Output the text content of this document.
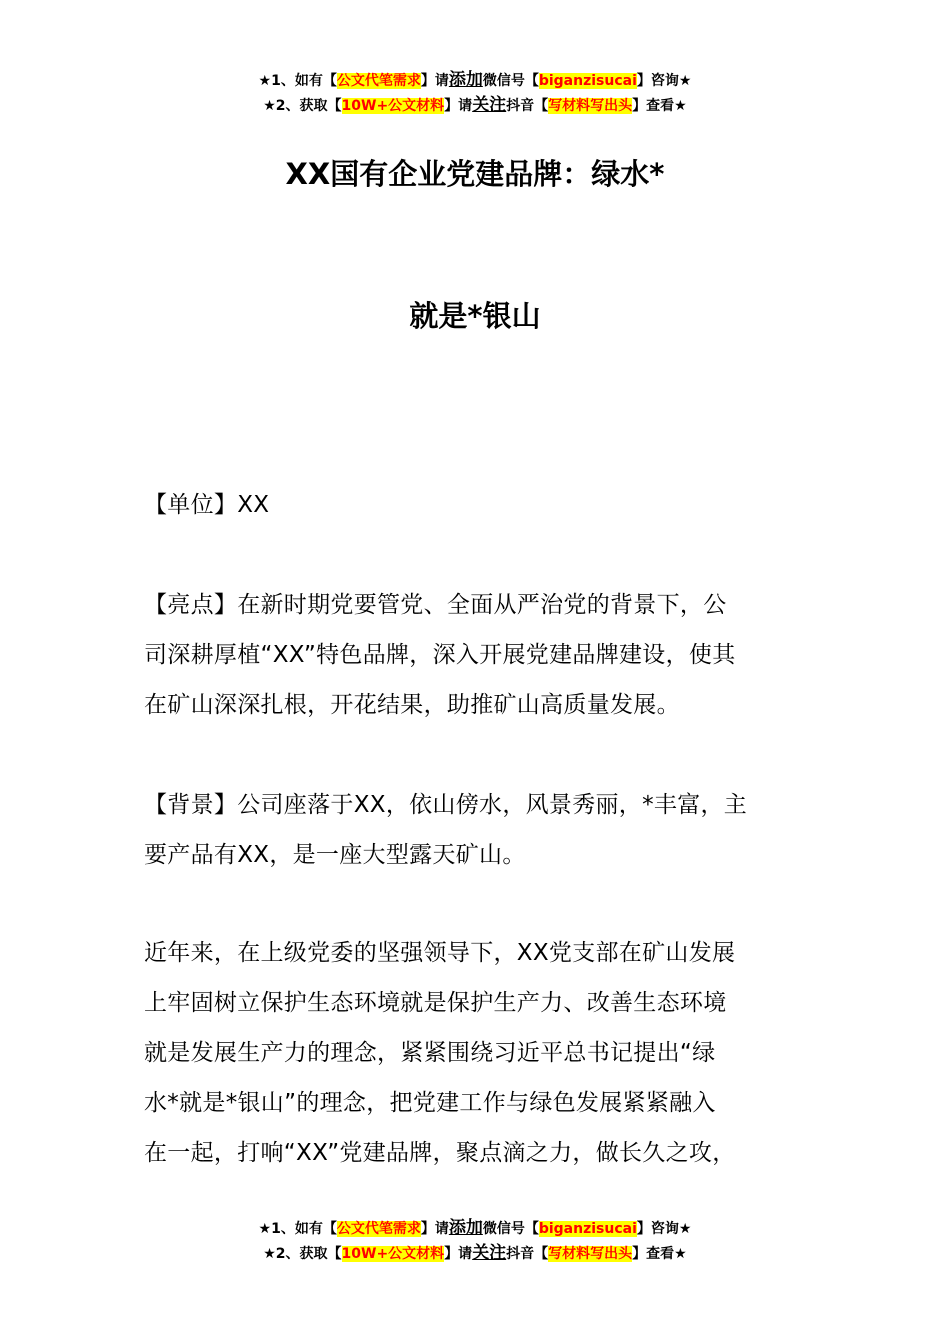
★1、如有【公文代笔需求】请添加微信号【biganzisucai】咨询★
★2、获取【10W+公文材料】请关注抖音【写材料写出头】查看★
XX国有企业党建品牌：绿水*
就是*银山
【单位】XX
【亮点】在新时期党要管党、全面从严治党的背景下，公
司深耕厚植“XX”特色品牌，深入开展党建品牌建设，使其
在矿山深深扎根，开花结果，助推矿山高质量发展。
【背景】公司座落于XX，依山傍水，风景秀丽，*丰富，主
要产品有XX，是一座大型露天矿山。
近年来，在上级党委的坚强领导下，XX党支部在矿山发展
上牢固树立保护生态环境就是保护生产力、改善生态环境
就是发展生产力的理念，紧紧围绕习近平总书记提出“绿
水*就是*银山”的理念，把党建工作与绿色发展紧紧融入
在一起，打响“XX”党建品牌，聚点滴之力，做长久之攻，
★1、如有【公文代笔需求】请添加微信号【biganzisucai】咨询★
★2、获取【10W+公文材料】请关注抖音【写材料写出头】查看★
